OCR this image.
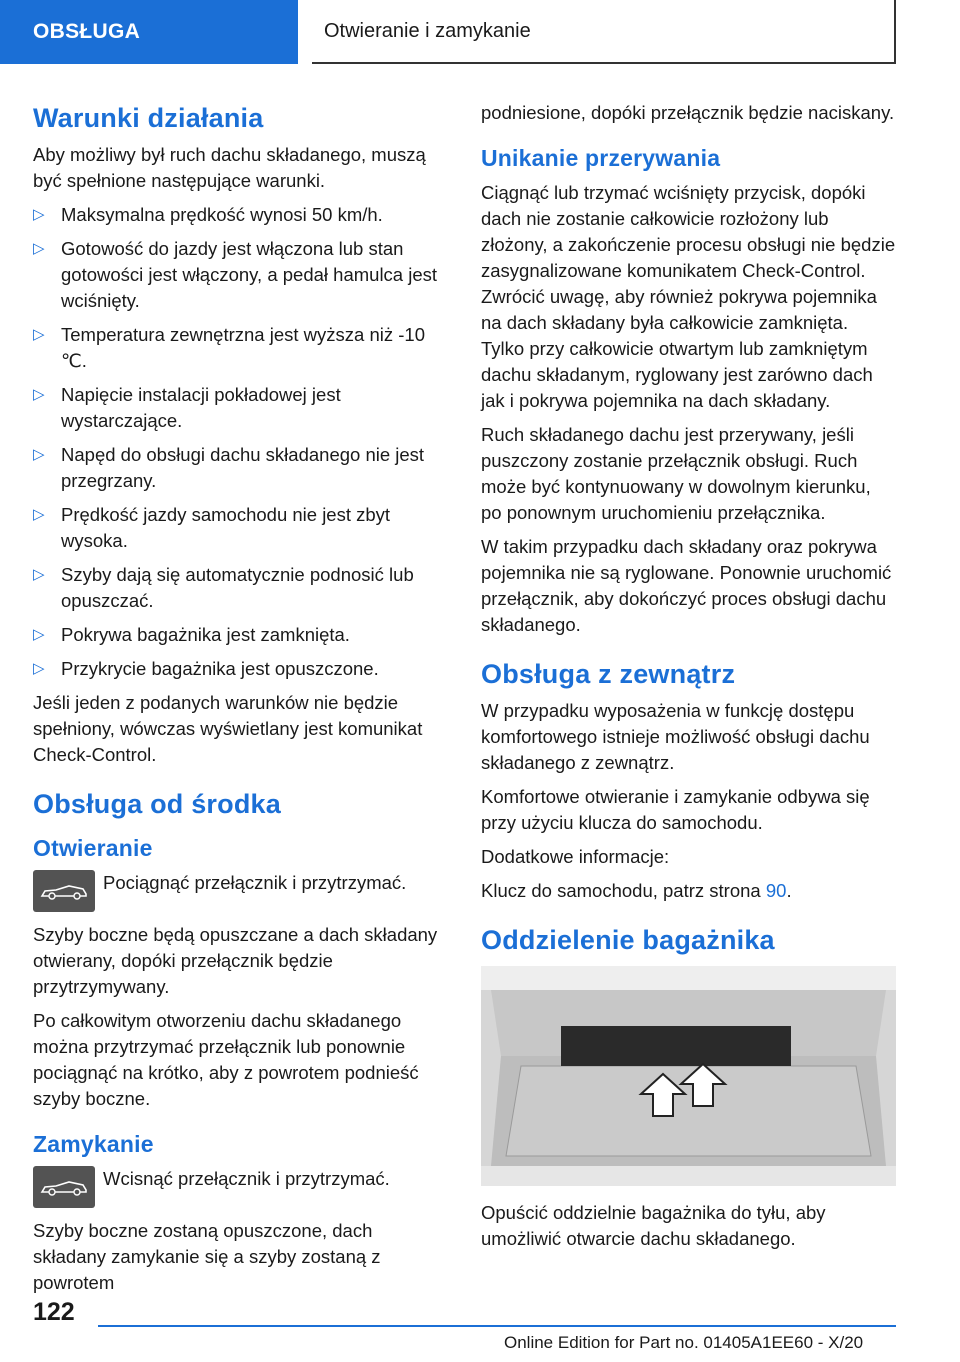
OBSŁUGA	Otwieranie i zamykanie
Warunki działania

Aby możliwy był ruch dachu składanego, muszą być spełnione następujące warunki.

▷ Maksymalna prędkość wynosi 50 km/h.
▷ Gotowość do jazdy jest włączona lub stan gotowości jest włączony, a pedał hamulca jest wciśnięty.
▷ Temperatura zewnętrzna jest wyższa niż -10 ℃.
▷ Napięcie instalacji pokładowej jest wystarczające.
▷ Napęd do obsługi dachu składanego nie jest przegrzany.
▷ Prędkość jazdy samochodu nie jest zbyt wysoka.
▷ Szyby dają się automatycznie podnosić lub opuszczać.
▷ Pokrywa bagażnika jest zamknięta.
▷ Przykrycie bagażnika jest opuszczone.

Jeśli jeden z podanych warunków nie będzie spełniony, wówczas wyświetlany jest komunikat Check-Control.

Obsługa od środka
Otwieranie

Pociągnąć przełącznik i przytrzymać.

Szyby boczne będą opuszczane a dach składany otwierany, dopóki przełącznik będzie przytrzymywany.

Po całkowitym otworzeniu dachu składanego można przytrzymać przełącznik lub ponownie pociągnąć na krótko, aby z powrotem podnieść szyby boczne.

Zamykanie

Wcisnąć przełącznik i przytrzymać.

Szyby boczne zostaną opuszczone, dach składany zamykanie się a szyby zostaną z powrotem

podniesione, dopóki przełącznik będzie naciskany.

Unikanie przerywania

Ciągnąć lub trzymać wciśnięty przycisk, dopóki dach nie zostanie całkowicie rozłożony lub złożony, a zakończenie procesu obsługi nie będzie zasygnalizowane komunikatem Check-Control. Zwrócić uwagę, aby również pokrywa pojemnika na dach składany była całkowicie zamknięta. Tylko przy całkowicie otwartym lub zamkniętym dachu składanym, ryglowany jest zarówno dach jak i pokrywa pojemnika na dach składany.

Ruch składanego dachu jest przerywany, jeśli puszczony zostanie przełącznik obsługi. Ruch może być kontynuowany w dowolnym kierunku, po ponownym uruchomieniu przełącznika.

W takim przypadku dach składany oraz pokrywa pojemnika nie są ryglowane. Ponownie uruchomić przełącznik, aby dokończyć proces obsługi dachu składanego.

Obsługa z zewnątrz

W przypadku wyposażenia w funkcję dostępu komfortowego istnieje możliwość obsługi dachu składanego z zewnątrz.

Komfortowe otwieranie i zamykanie odbywa się przy użyciu klucza do samochodu.

Dodatkowe informacje:

Klucz do samochodu, patrz strona 90.

Oddzielenie bagażnika

Opuścić oddzielnie bagażnika do tyłu, aby umożliwić otwarcie dachu składanego.

122
Online Edition for Part no. 01405A1EE60 - X/20
